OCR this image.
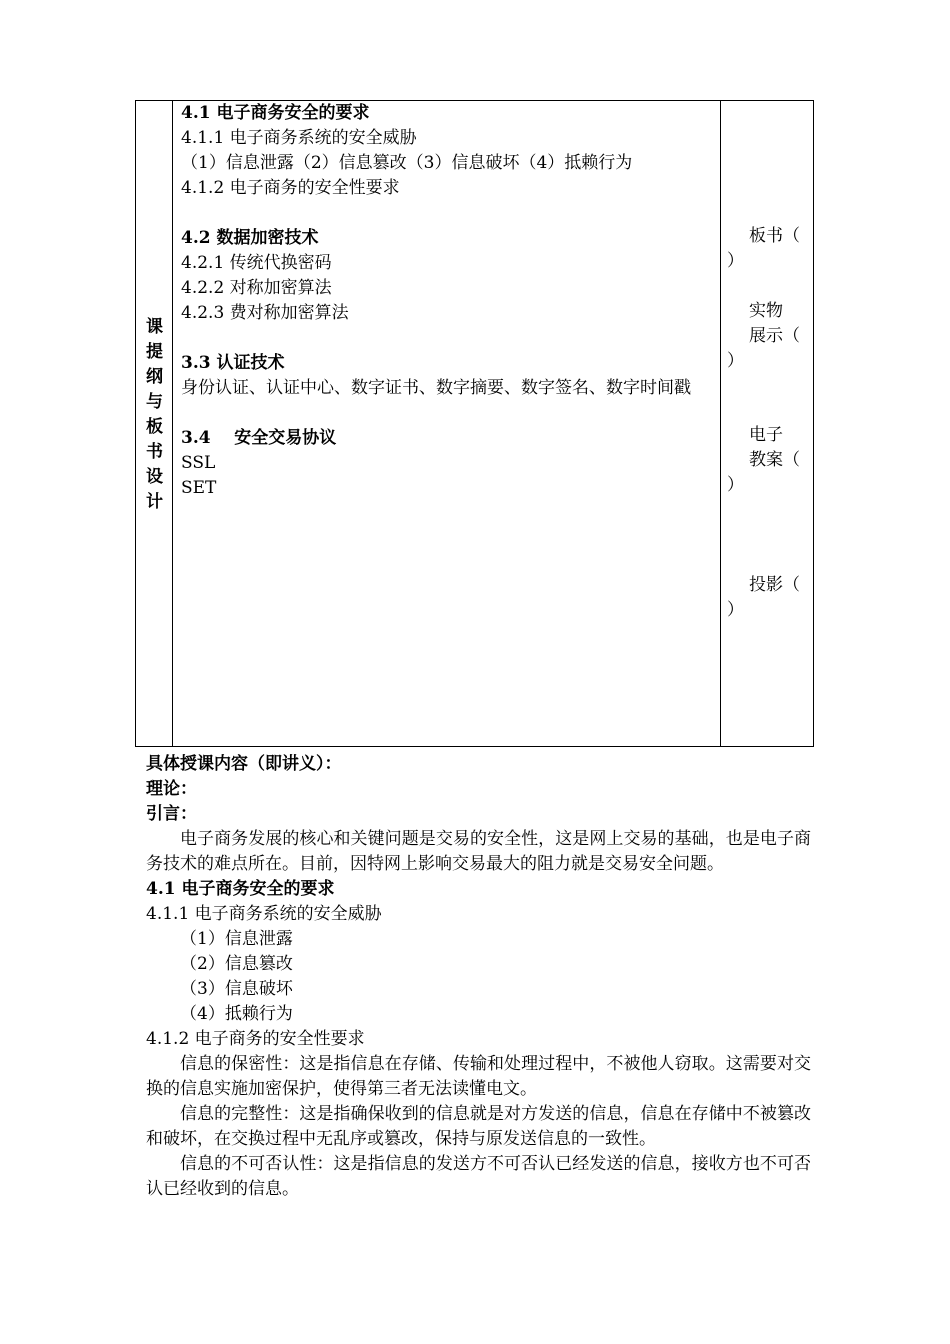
课
提
纲
与
板
书
设
计
4.1 电子商务安全的要求
4.1.1 电子商务系统的安全威胁
（1）信息泄露（2）信息篡改（3）信息破坏（4）抵赖行为
4.1.2 电子商务的安全性要求
4.2 数据加密技术
4.2.1 传统代换密码
4.2.2 对称加密算法
4.2.3 费对称加密算法
3.3 认证技术
身份认证、认证中心、数字证书、数字摘要、数字签名、数字时间戳
3.4    安全交易协议
SSL
SET
板书（
）
实物
展示（
）
电子
教案（
）
投影（
）
具体授课内容（即讲义）：
理论：
引言：
电子商务发展的核心和关键问题是交易的安全性，这是网上交易的基础，也是电子商务技术的难点所在。目前，因特网上影响交易最大的阻力就是交易安全问题。
4.1 电子商务安全的要求
4.1.1 电子商务系统的安全威胁
（1）信息泄露
（2）信息篡改
（3）信息破坏
（4）抵赖行为
4.1.2 电子商务的安全性要求
信息的保密性：这是指信息在存储、传输和处理过程中，不被他人窃取。这需要对交换的信息实施加密保护，使得第三者无法读懂电文。
信息的完整性：这是指确保收到的信息就是对方发送的信息，信息在存储中不被篡改和破坏，在交换过程中无乱序或篡改，保持与原发送信息的一致性。
信息的不可否认性：这是指信息的发送方不可否认已经发送的信息，接收方也不可否认已经收到的信息。
